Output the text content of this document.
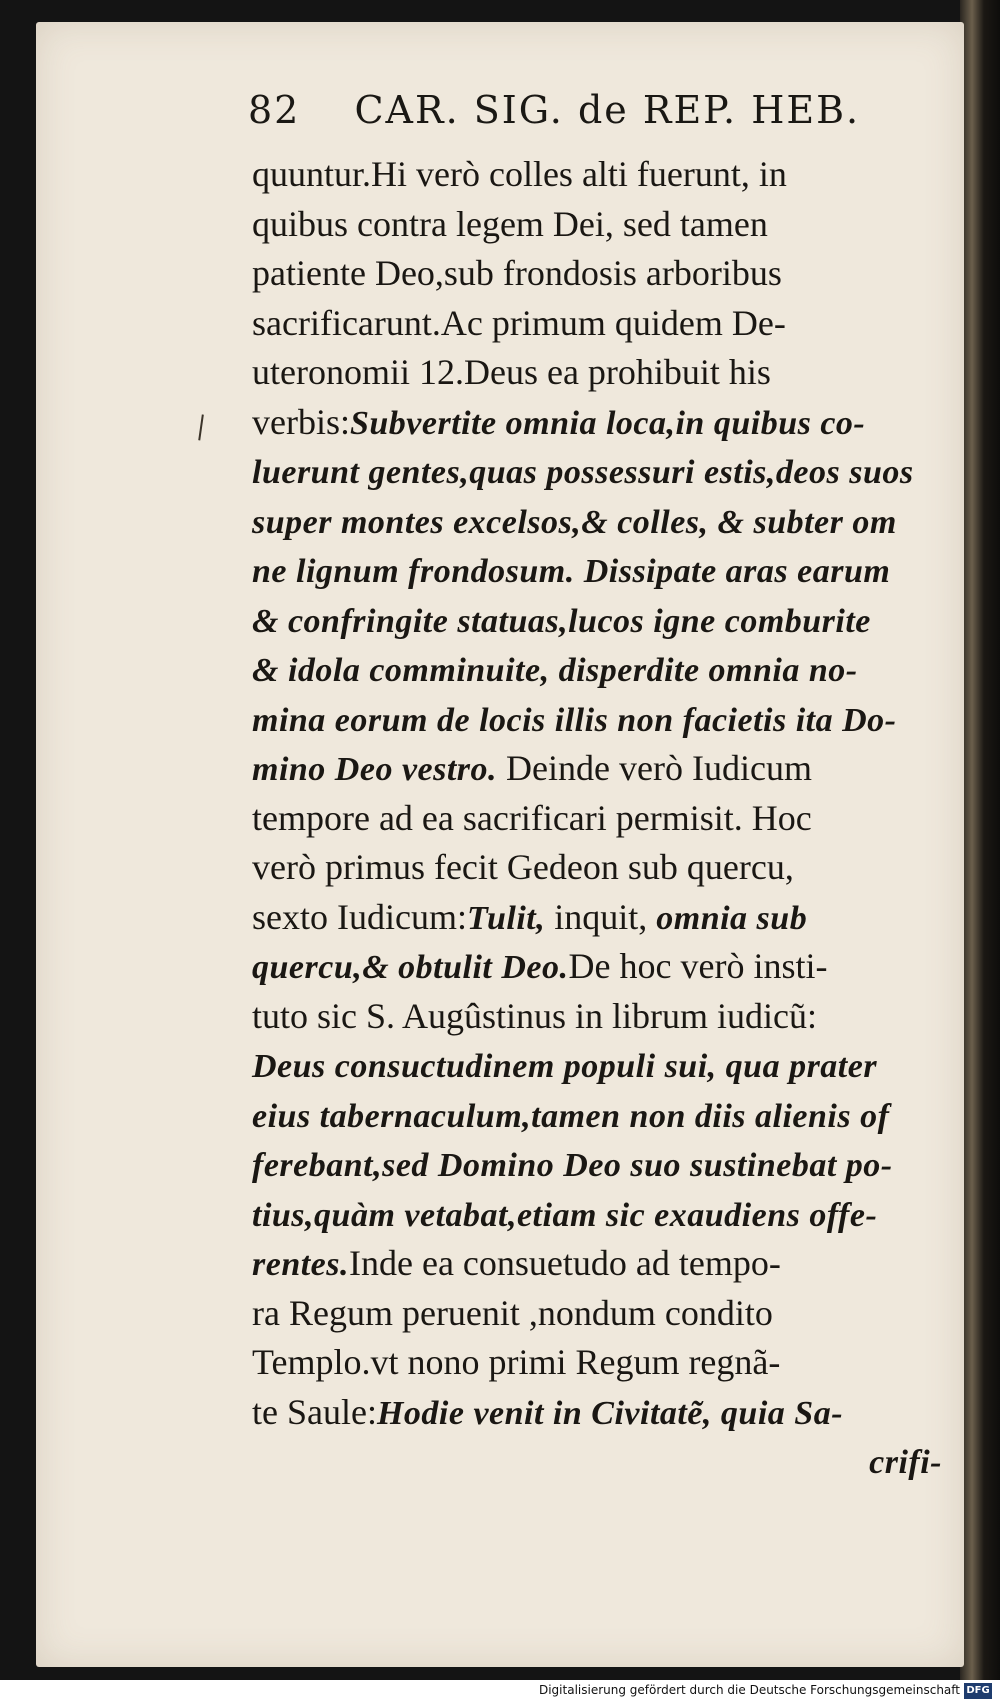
82 CAR. SIG. de REP. HEB.
quuntur.Hi verò colles alti fuerunt, in
quibus contra legem Dei, sed tamen
patiente Deo,sub frondosis arboribus
sacrificarunt.Ac primum quidem De-
uteronomii 12.Deus ea prohibuit his
verbis:Subvertite omnia loca,in quibus co-
luerunt gentes,quas possessuri estis,deos suos
super montes excelsos,& colles, & subter om
ne lignum frondosum. Dissipate aras earum
& confringite statuas,lucos igne comburite
& idola comminuite, disperdite omnia no-
mina eorum de locis illis non facietis ita Do-
mino Deo vestro. Deinde verò Iudicum
tempore ad ea sacrificari permisit. Hoc
verò primus fecit Gedeon sub quercu,
sexto Iudicum:Tulit, inquit, omnia sub
quercu,& obtulit Deo.De hoc verò insti-
tuto sic S. Augûstinus in librum iudicũ:
Deus consuctudinem populi sui, qua prater
eius tabernaculum,tamen non diis alienis of
ferebant,sed Domino Deo suo sustinebat po-
tius,quàm vetabat,etiam sic exaudiens offe-
rentes.Inde ea consuetudo ad tempo-
ra Regum peruenit ,nondum condito
Templo.vt nono primi Regum regnã-
te Saule:Hodie venit in Civitatẽ, quia Sa-
crifi-
Digitalisierung gefördert durch die Deutsche Forschungsgemeinschaft DFG
